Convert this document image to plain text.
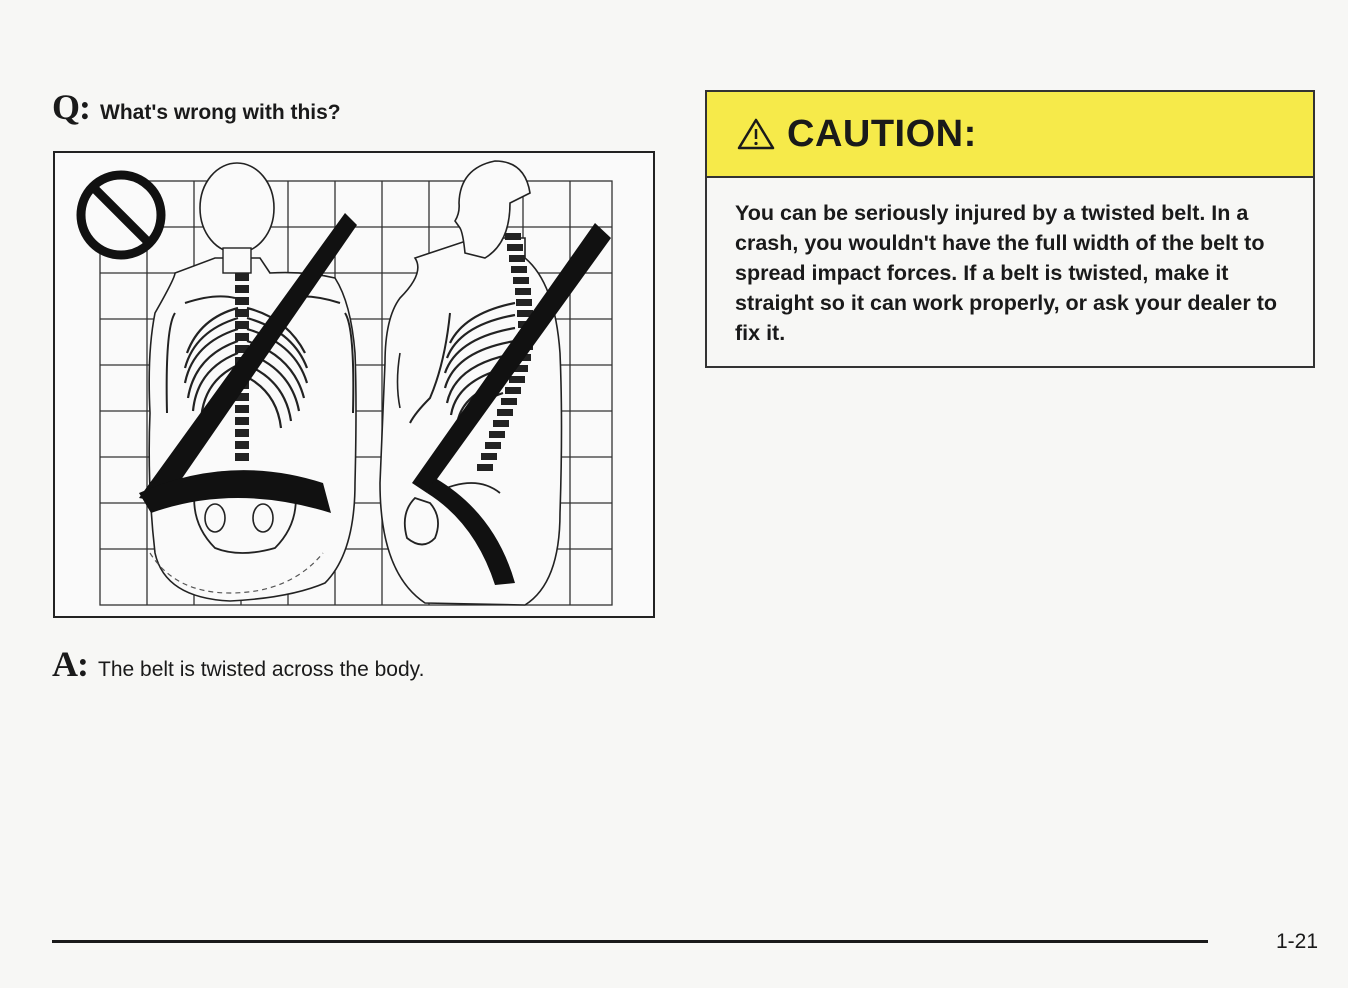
Q: What's wrong with this?
A: The belt is twisted across the body.
CAUTION:
You can be seriously injured by a twisted belt. In a crash, you wouldn't have the full width of the belt to spread impact forces. If a belt is twisted, make it straight so it can work properly, or ask your dealer to fix it.
1-21
